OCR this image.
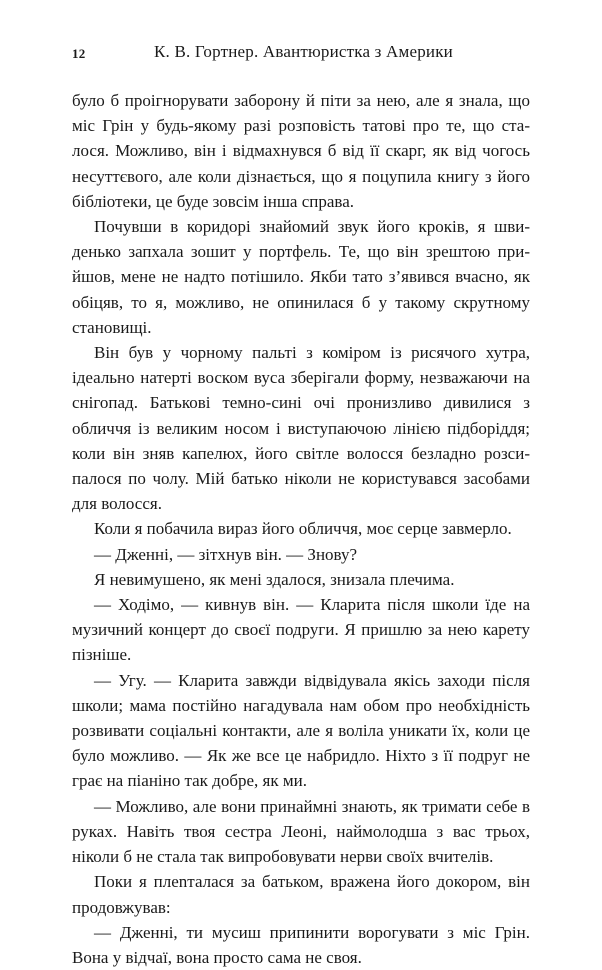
12	К. В. Гортнер. Авантюристка з Америки

було б проігнорувати заборону й піти за нею, але я знала, що міс Грін у будь-якому разі розповість татові про те, що сталося. Можливо, він і відмахнувся б від її скарг, як від чогось несуттєвого, але коли дізнається, що я поцупила книгу з його бібліотеки, це буде зовсім інша справа.

Почувши в коридорі знайомий звук його кроків, я швиденько запхала зошит у портфель. Те, що він зрештою прийшов, мене не надто потішило. Якби тато з’явився вчасно, як обіцяв, то я, можливо, не опинилася б у такому скрутному становищі.

Він був у чорному пальті з коміром із рисячого хутра, ідеально натерті воском вуса зберігали форму, незважаючи на снігопад. Батькові темно-сині очі пронизливо дивилися з обличчя із великим носом і виступаючою лінією підборіддя; коли він зняв капелюх, його світле волосся безладно розсипалося по чолу. Мій батько ніколи не користувався засобами для волосся.

Коли я побачила вираз його обличчя, моє серце завмерло.

— Дженні, — зітхнув він. — Знову?

Я невимушено, як мені здалося, знизала плечима.

— Ходімо, — кивнув він. — Кларита після школи їде на музичний концерт до своєї подруги. Я пришлю за нею карету пізніше.

— Угу. — Кларита завжди відвідувала якісь заходи після школи; мама постійно нагадувала нам обом про необхідність розвивати соціальні контакти, але я воліла уникати їх, коли це було можливо. — Як же все це набридло. Ніхто з її подруг не грає на піаніно так добре, як ми.

— Можливо, але вони принаймні знають, як тримати себе в руках. Навіть твоя сестра Леоні, наймолодша з вас трьох, ніколи б не стала так випробовувати нерви своїх вчителів.

Поки я плenталася за батьком, вражена його докором, він продовжував:

— Дженні, ти мусиш припинити ворогувати з міс Грін. Вона у відчаї, вона просто сама не своя.
